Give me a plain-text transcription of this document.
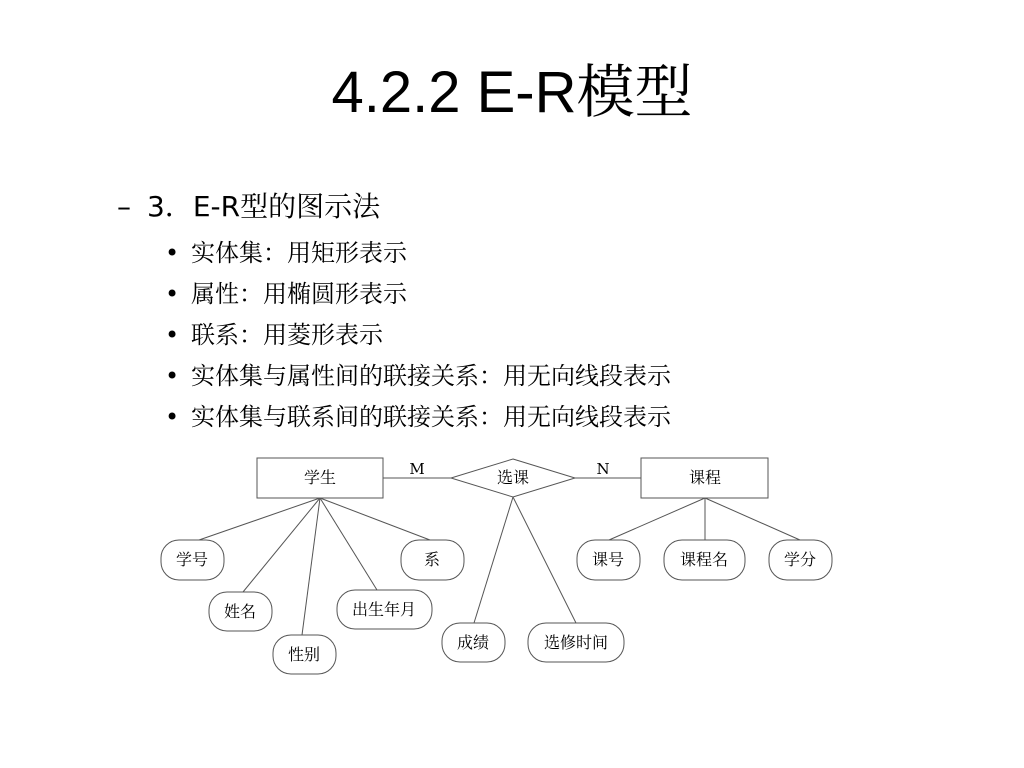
4.2.2 E-R模型
– 3．E-R型的图示法
• 实体集：用矩形表示
• 属性：用椭圆形表示
• 联系：用菱形表示
• 实体集与属性间的联接关系：用无向线段表示
• 实体集与联系间的联接关系：用无向线段表示
学生	课程
选课
M	N
学号
姓名
性别
出生年月
系
成绩	选修时间
课号	课程名	学分
